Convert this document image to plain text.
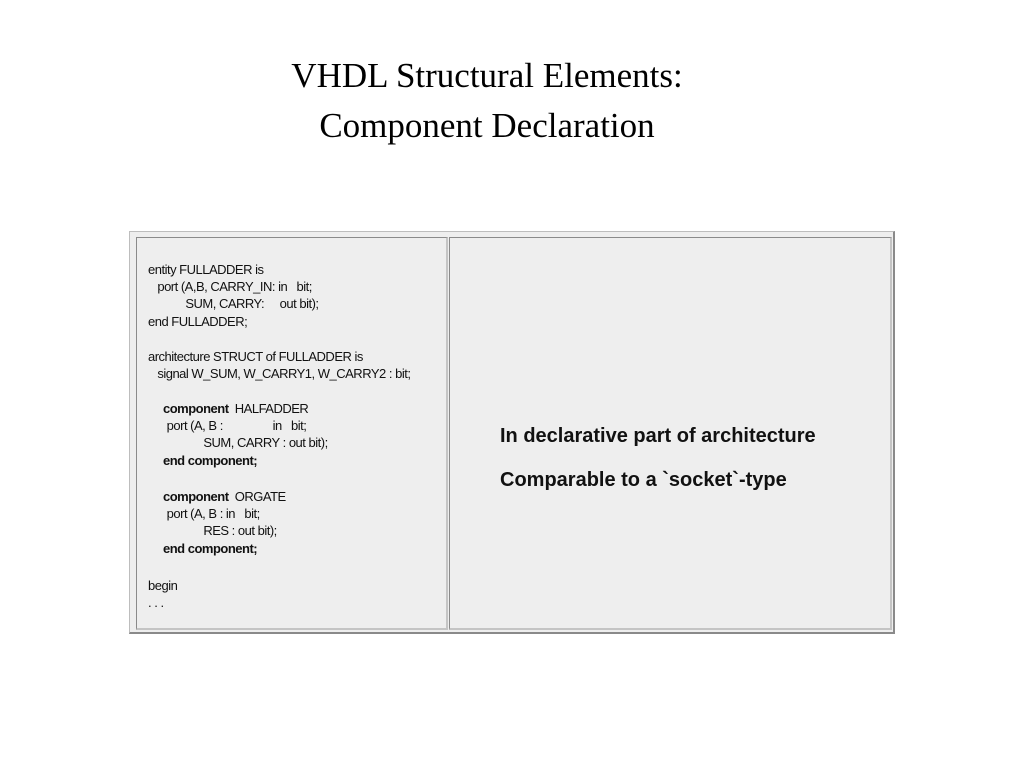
VHDL Structural Elements:
Component Declaration
entity FULLADDER is
port (A,B, CARRY_IN: in   bit;
SUM, CARRY:     out bit);
end FULLADDER;
architecture STRUCT of FULLADDER is
signal W_SUM, W_CARRY1, W_CARRY2 : bit;
component  HALFADDER
port (A, B :                in   bit;
SUM, CARRY : out bit);
end component;
component  ORGATE
port (A, B : in   bit;
RES : out bit);
end component;
begin
. . .
In declarative part of architecture
Comparable to a `socket`-type
